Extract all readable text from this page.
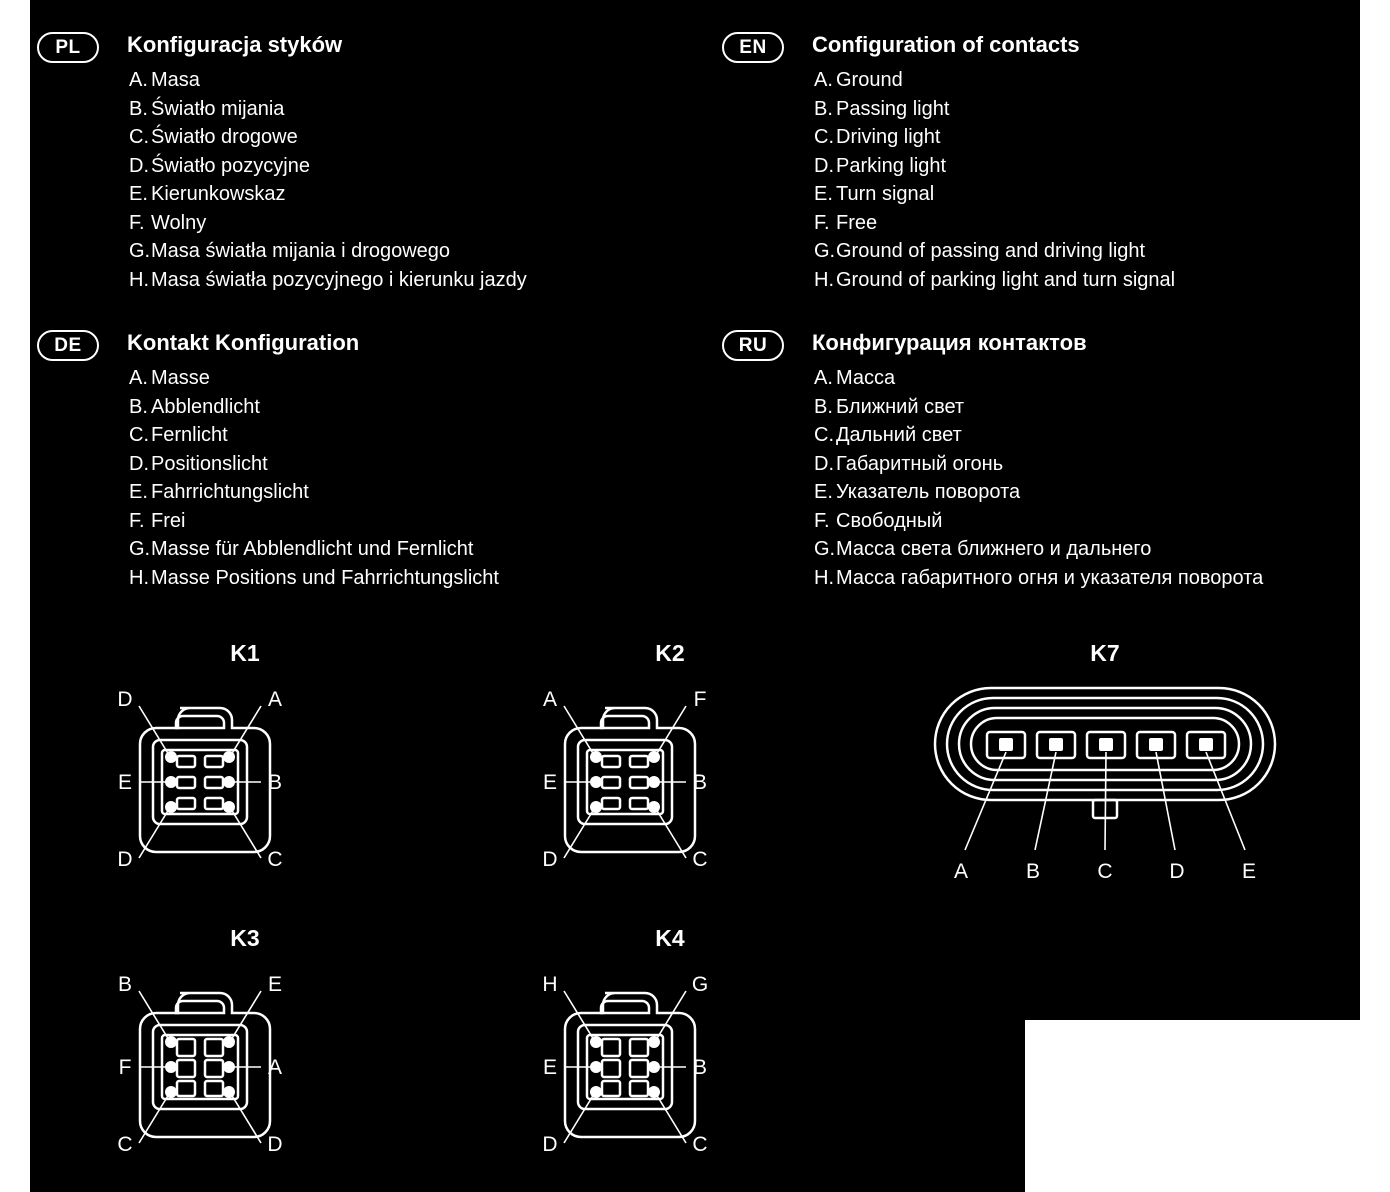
PL	Konfiguracja styków
A. Masa
B. Światło mijania
C. Światło drogowe
D. Światło pozycyjne
E. Kierunkowskaz
F. Wolny
G.Masa światła mijania i drogowego
H. Masa światła pozycyjnego i kierunku jazdy
EN	Configuration of contacts
A. Ground
B. Passing light
C. Driving light
D. Parking light
E. Turn signal
F. Free
G.Ground of passing and driving light
H. Ground of parking light and turn signal
DE	Kontakt Konfiguration
A. Masse
B. Abblendlicht
C. Fernlicht
D. Positionslicht
E. Fahrrichtungslicht
F. Frei
G.Masse für Abblendlicht und Fernlicht
H. Masse Positions und Fahrrichtungslicht
RU	Конфигурация контактов
A. Масса
B. Ближний свет
C. Дальний свет
D. Габаритный огонь
E. Указатель поворота
F. Свободный
G.Масса света ближнего и дальнего
H. Масса габаритного огня и указателя поворота
K1
D	A
E	B
D	C
K2
A	F
E	B
D	C
K7
A	B	C	D	E
K3
B	E
F	A
C	D
K4
H	G
E	B
D	C
